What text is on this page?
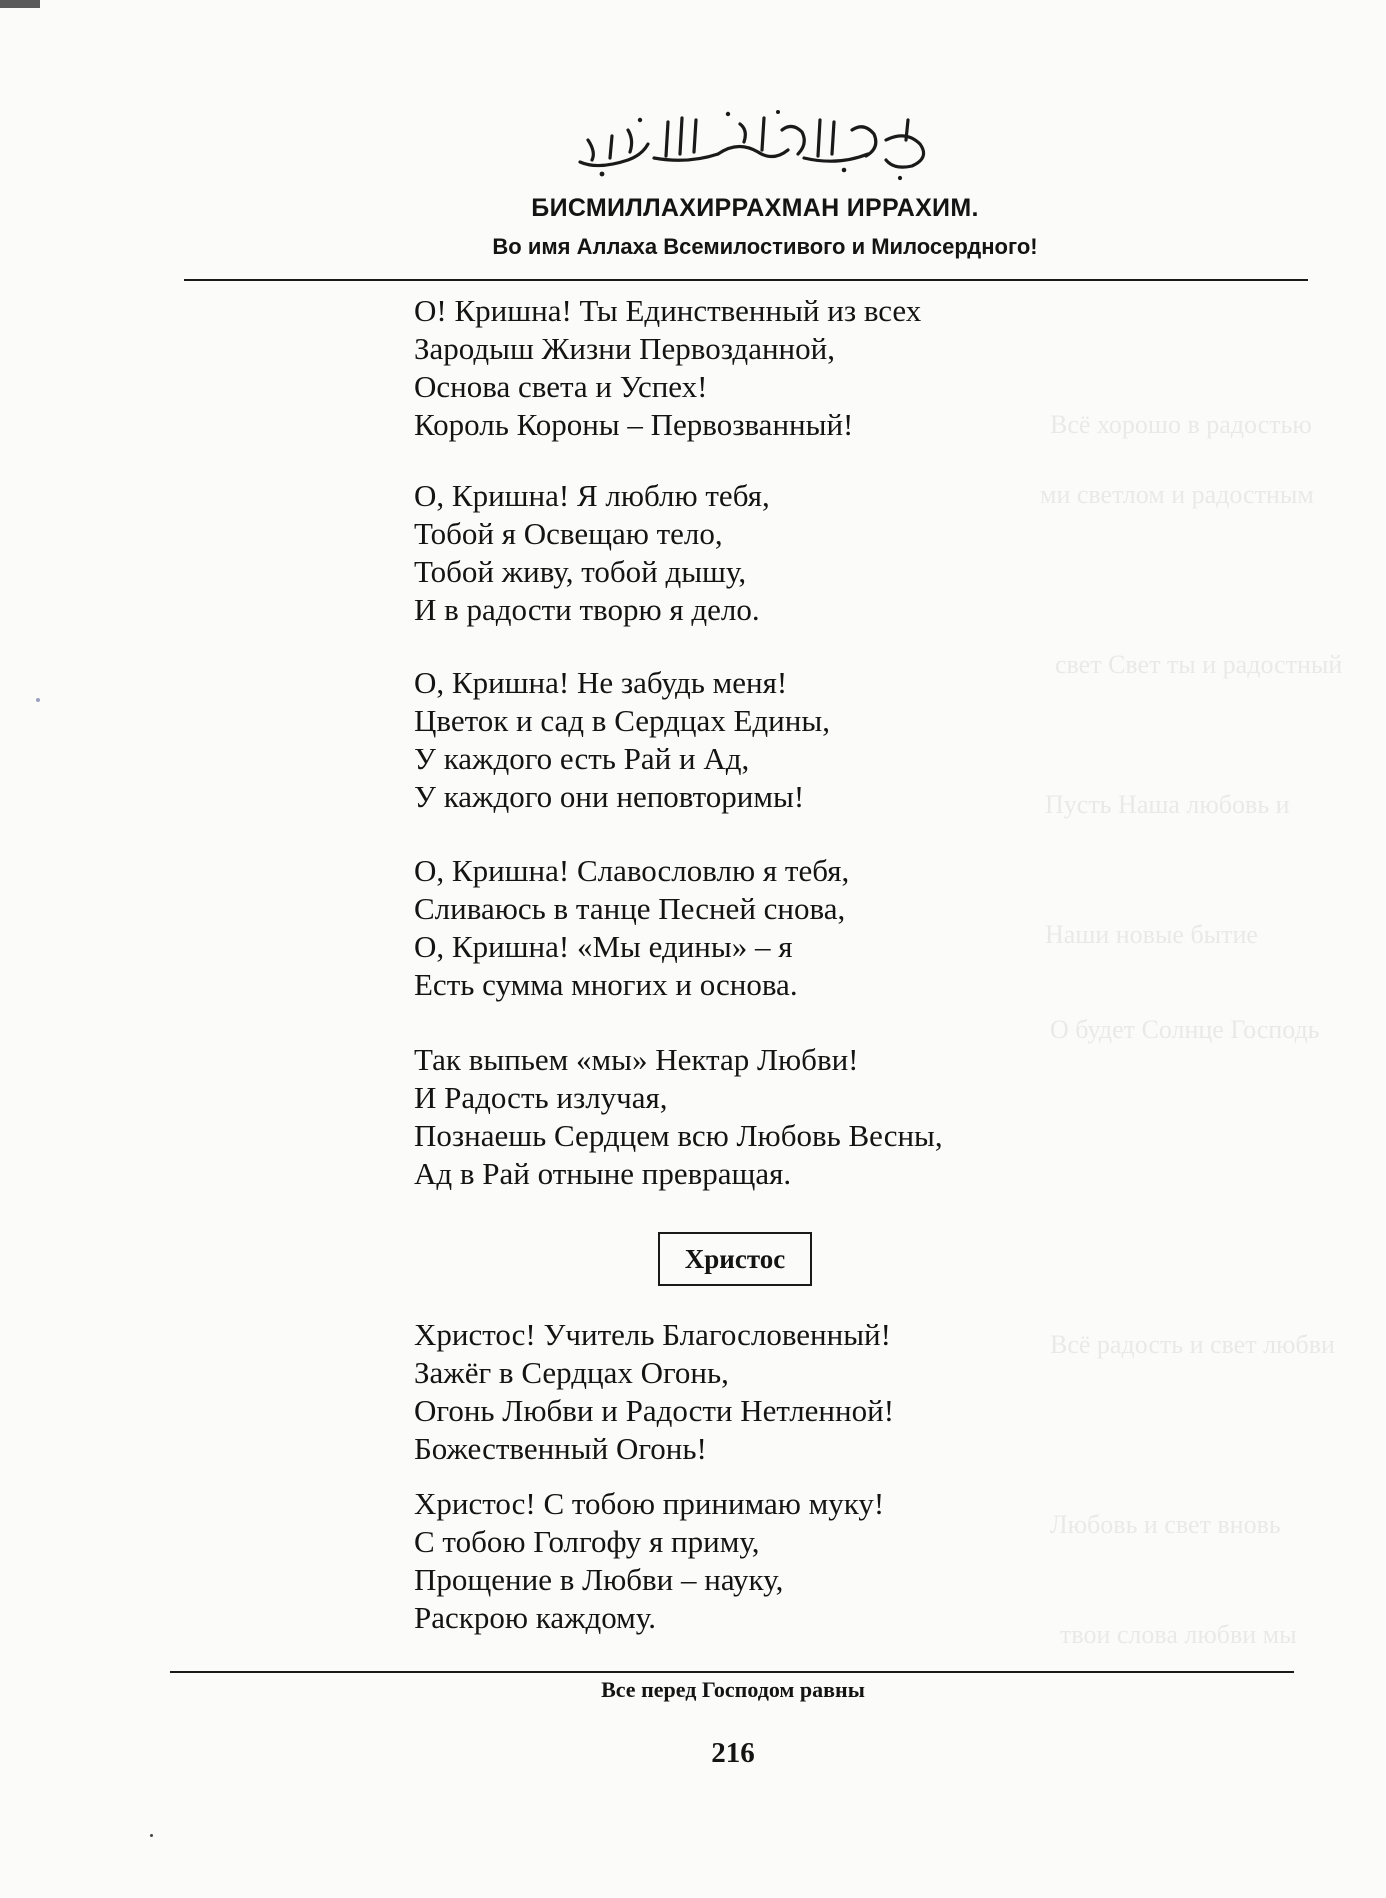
Всё хорошо в радостью
ми светлом и радостным
свет Свет ты и радостный
Пусть Наша любовь и
Наши новые бытие
О будет Солнце Господь
Всё радость и свет любви
Любовь и свет вновь
твои слова любви мы
БИСМИЛЛАХИРРАХМАН ИРРАХИМ.
Во имя Аллаха Всемилостивого и Милосердного!
О! Кришна! Ты Единственный из всех
Зародыш Жизни Первозданной,
Основа света и Успех!
Король Короны – Первозванный!
О, Кришна! Я люблю тебя,
Тобой я Освещаю тело,
Тобой живу, тобой дышу,
И в радости творю я дело.
О, Кришна! Не забудь меня!
Цветок и сад в Сердцах Едины,
У каждого есть Рай и Ад,
У каждого они неповторимы!
О, Кришна! Славословлю я тебя,
Сливаюсь в танце Песней снова,
О, Кришна! «Мы едины» – я
Есть сумма многих и основа.
Так выпьем «мы» Нектар Любви!
И Радость излучая,
Познаешь Сердцем всю Любовь Весны,
Ад в Рай отныне превращая.
Христос
Христос! Учитель Благословенный!
Зажёг в Сердцах Огонь,
Огонь Любви и Радости Нетленной!
Божественный Огонь!
Христос! С тобою принимаю муку!
С тобою Голгофу я приму,
Прощение в Любви – науку,
Раскрою каждому.
Все перед Господом равны
216
